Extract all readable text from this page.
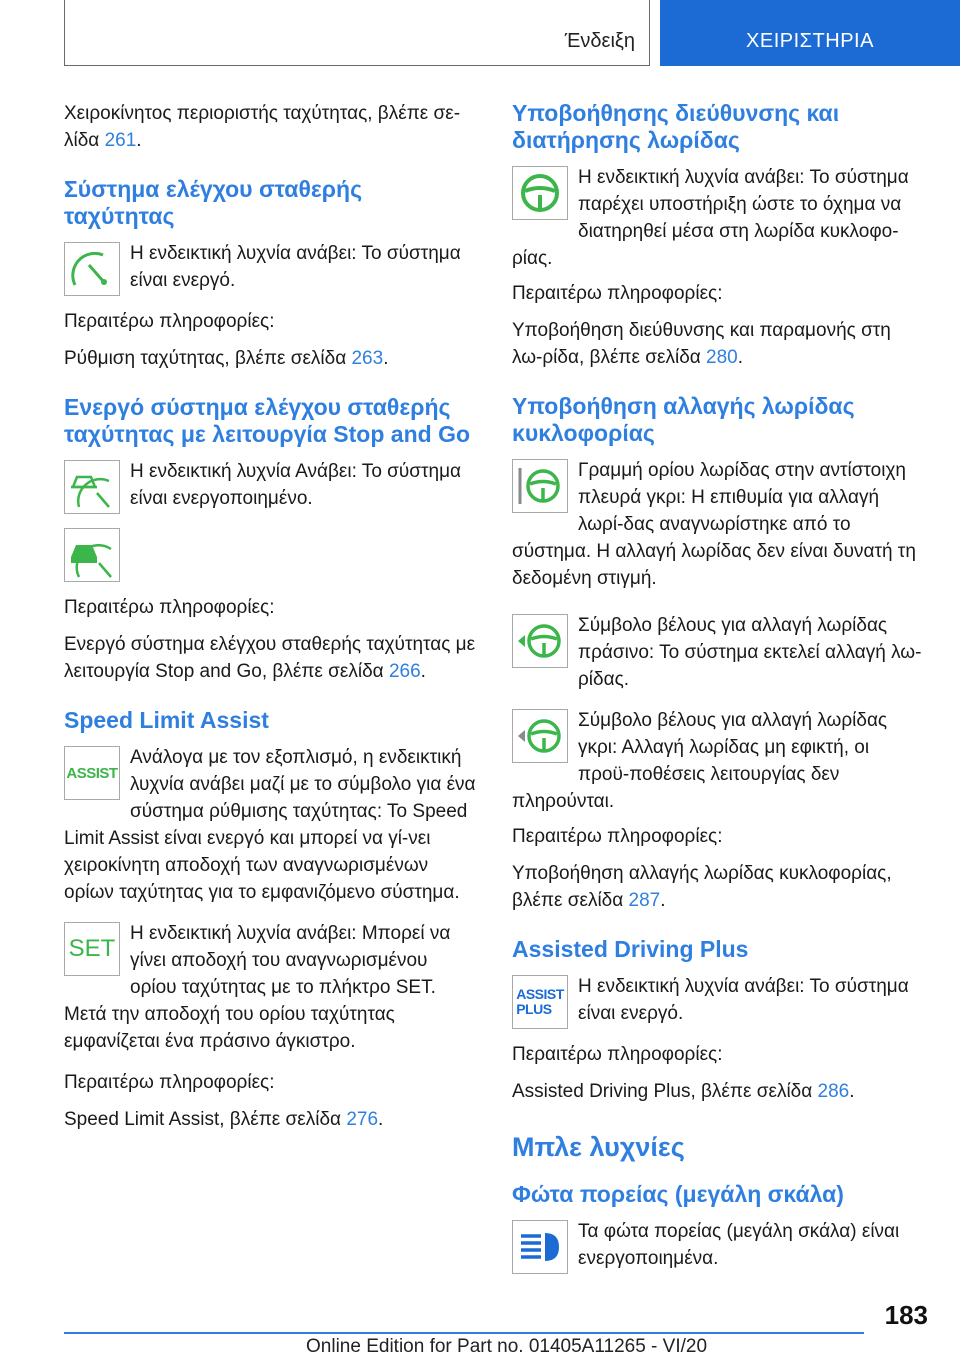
Ένδειξη	ΧΕΙΡΙΣΤΗΡΙΑ

Χειροκίνητος περιοριστής ταχύτητας, βλέπε σε-λίδα 261.

Σύστημα ελέγχου σταθερής ταχύτητας

Η ενδεικτική λυχνία ανάβει: Το σύστημα είναι ενεργό.

Περαιτέρω πληροφορίες:

Ρύθμιση ταχύτητας, βλέπε σελίδα 263.

Ενεργό σύστημα ελέγχου σταθερής ταχύτητας με λειτουργία Stop and Go

Η ενδεικτική λυχνία Ανάβει: Το σύστημα είναι ενεργοποιημένο.

Περαιτέρω πληροφορίες:

Ενεργό σύστημα ελέγχου σταθερής ταχύτητας με λειτουργία Stop and Go, βλέπε σελίδα 266.

Speed Limit Assist
ASSIST

Ανάλογα με τον εξοπλισμό, η ενδεικτική λυχνία ανάβει μαζί με το σύμβολο για ένα σύστημα ρύθμισης ταχύτητας: Το Speed Limit Assist είναι ενεργό και μπορεί να γί-νει χειροκίνητη αποδοχή των αναγνωρισμένων ορίων ταχύτητας για το εμφανιζόμενο σύστημα.

SET

Η ενδεικτική λυχνία ανάβει: Μπορεί να γίνει αποδοχή του αναγνωρισμένου ορίου ταχύτητας με το πλήκτρο SET. Μετά την αποδοχή του ορίου ταχύτητας εμφανίζεται ένα πράσινο άγκιστρο.

Περαιτέρω πληροφορίες:

Speed Limit Assist, βλέπε σελίδα 276.

Υποβοήθησης διεύθυνσης και διατήρησης λωρίδας

Η ενδεικτική λυχνία ανάβει: Το σύστημα παρέχει υποστήριξη ώστε το όχημα να διατηρηθεί μέσα στη λωρίδα κυκλοφο-ρίας.

Περαιτέρω πληροφορίες:

Υποβοήθηση διεύθυνσης και παραμονής στη λω-ρίδα, βλέπε σελίδα 280.

Υποβοήθηση αλλαγής λωρίδας κυκλοφορίας

Γραμμή ορίου λωρίδας στην αντίστοιχη πλευρά γκρι: Η επιθυμία για αλλαγή λωρί-δας αναγνωρίστηκε από το σύστημα. Η αλλαγή λωρίδας δεν είναι δυνατή τη δεδομένη στιγμή.

Σύμβολο βέλους για αλλαγή λωρίδας πράσινο: Το σύστημα εκτελεί αλλαγή λω-ρίδας.

Σύμβολο βέλους για αλλαγή λωρίδας γκρι: Αλλαγή λωρίδας μη εφικτή, οι προϋ-ποθέσεις λειτουργίας δεν πληρούνται.

Περαιτέρω πληροφορίες:

Υποβοήθηση αλλαγής λωρίδας κυκλοφορίας, βλέπε σελίδα 287.

Assisted Driving Plus
ASSIST
PLUS

Η ενδεικτική λυχνία ανάβει: Το σύστημα είναι ενεργό.

Περαιτέρω πληροφορίες:

Assisted Driving Plus, βλέπε σελίδα 286.

Μπλε λυχνίες
Φώτα πορείας (μεγάλη σκάλα)

Τα φώτα πορείας (μεγάλη σκάλα) είναι ενεργοποιημένα.

183
Online Edition for Part no. 01405A11265 - VI/20
